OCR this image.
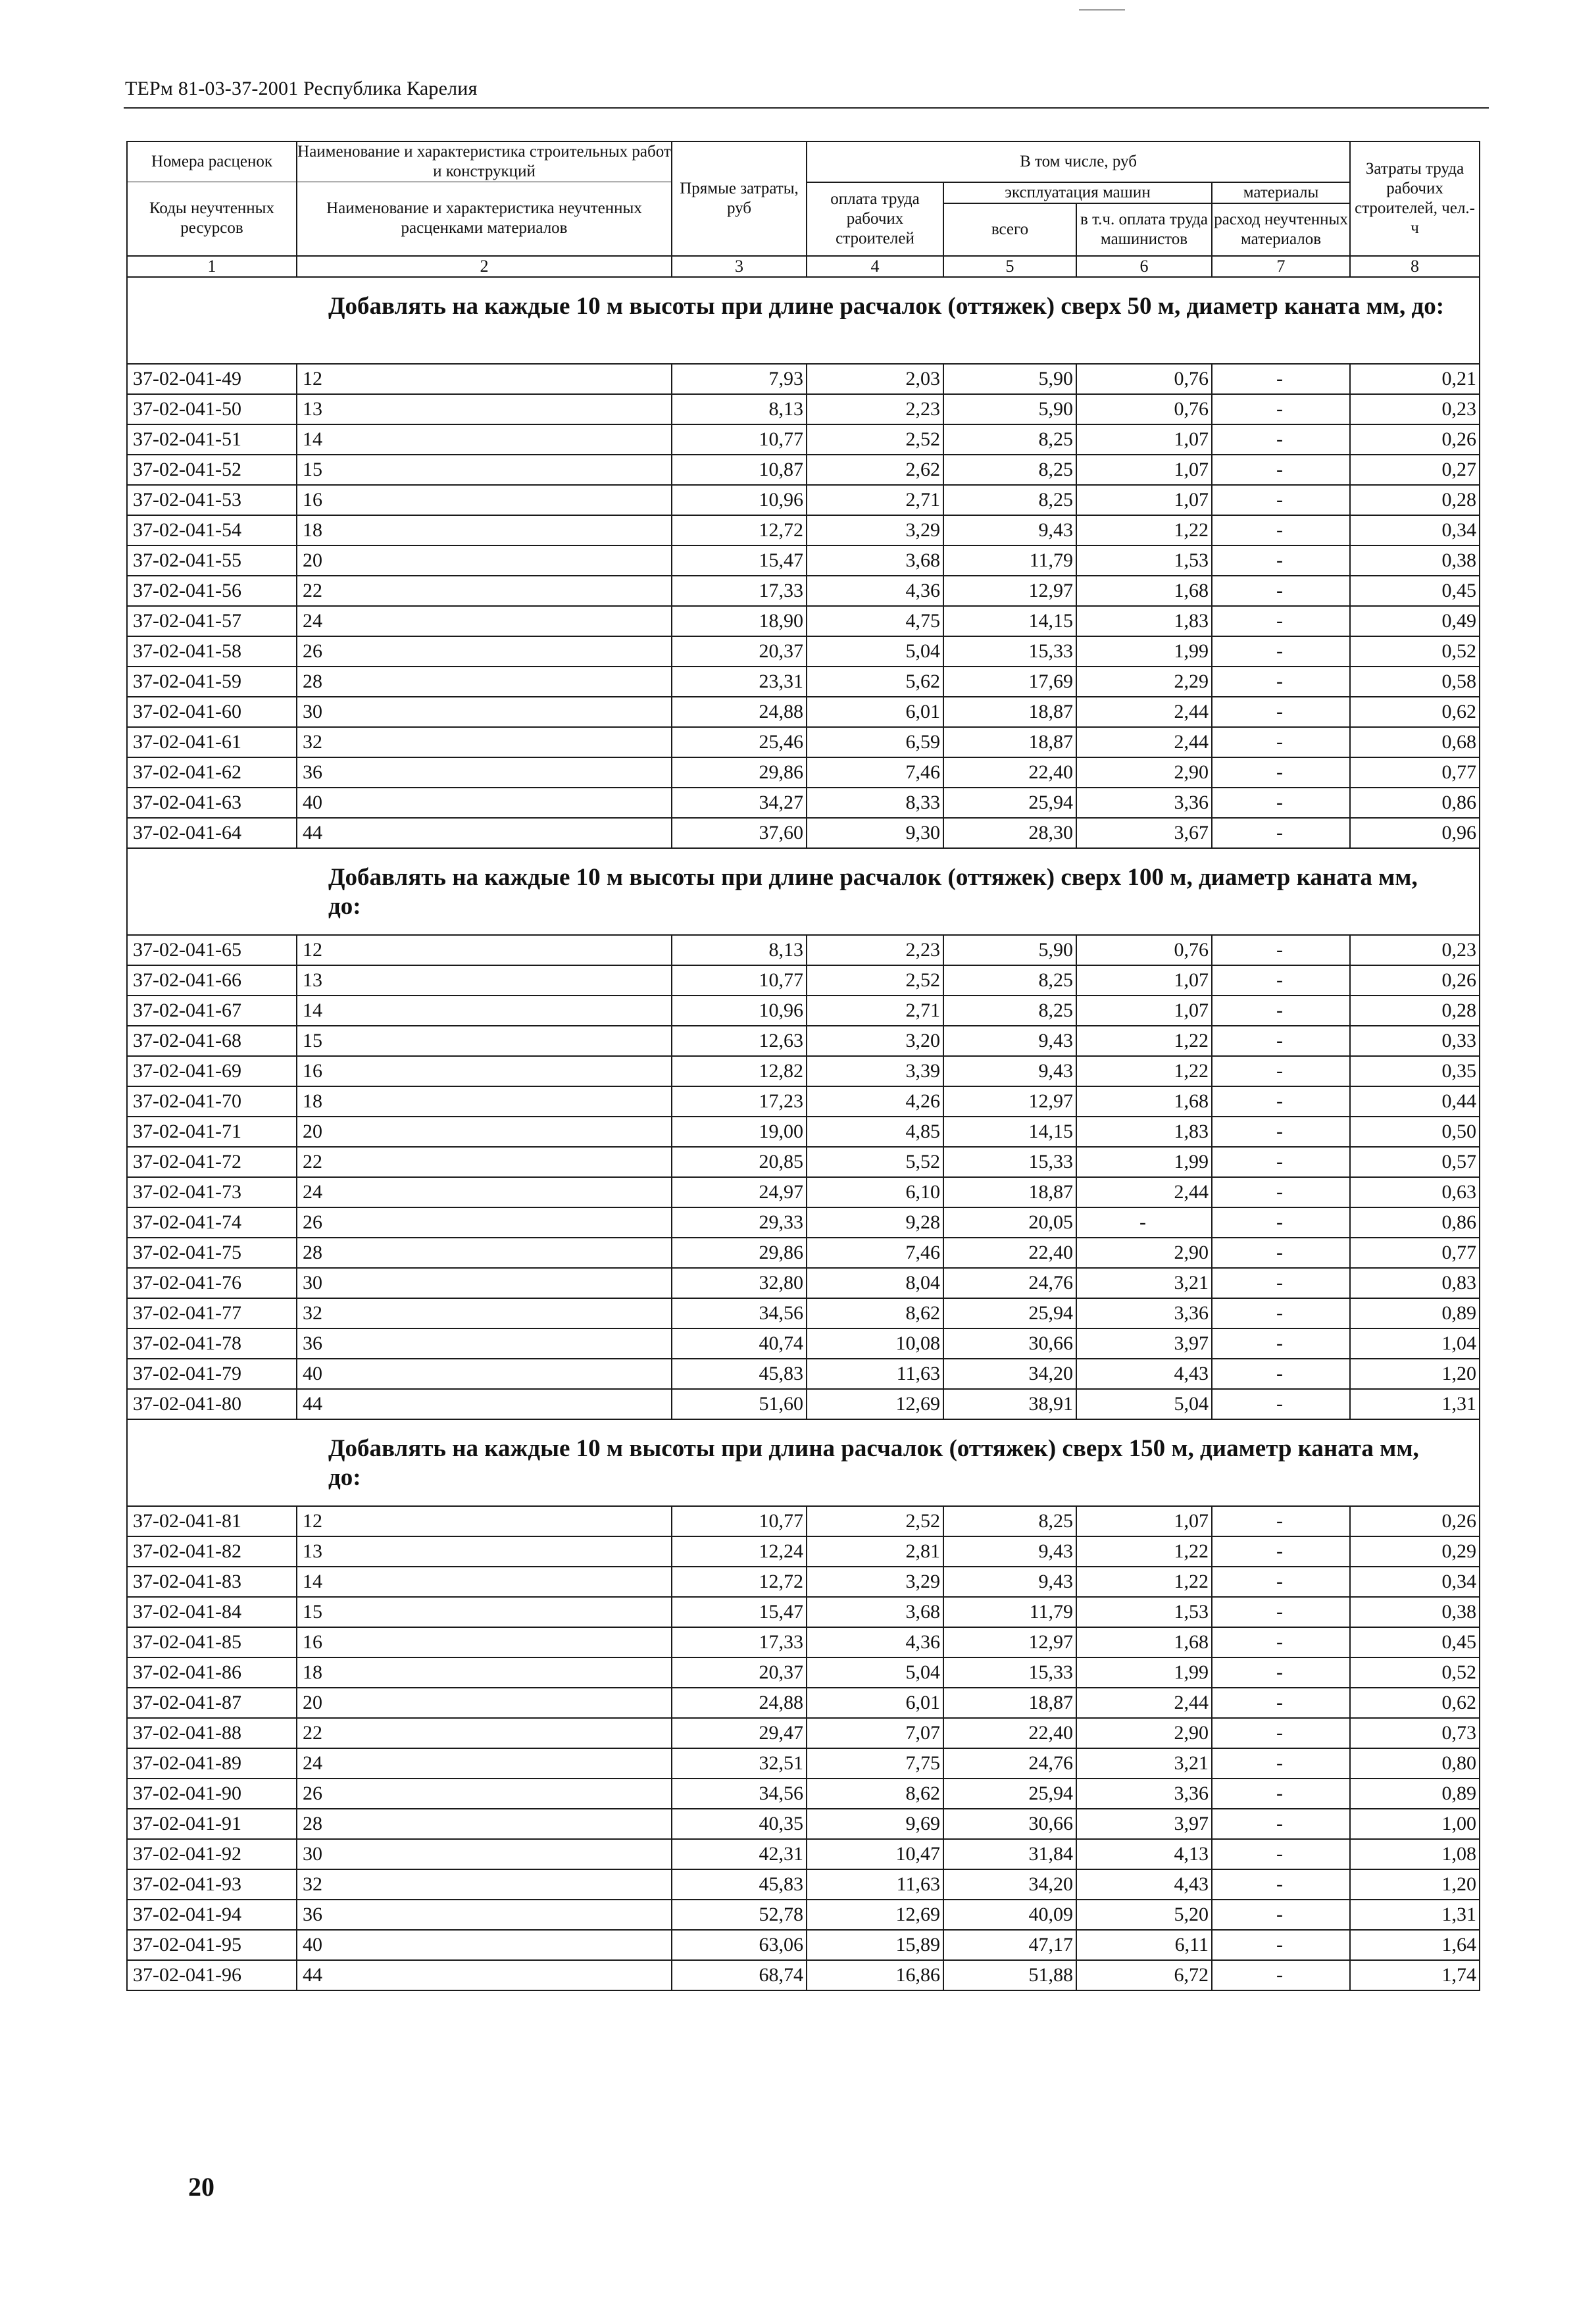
ТЕРм 81-03-37-2001 Республика Карелия
Номера расценок	Наименование и характеристика строительных работ и конструкций	Прямые затраты, руб	В том числе, руб				Затраты труда рабочих строителей, чел.-ч
Коды неучтенных ресурсов	Наименование и характеристика неучтенных расценками материалов		оплата труда рабочих строителей	эксплуатация машин		материалы	
				всего	в т.ч. оплата труда машинистов	расход неучтенных материалов	

1	2	3	4	5	6	7	8

Добавлять на каждые 10 м высоты при длине расчалок (оттяжек) сверх 50 м, диаметр каната мм, до:							

37-02-041-49	12	7,93	2,03	5,90	0,76	-	0,21
37-02-041-50	13	8,13	2,23	5,90	0,76	-	0,23
37-02-041-51	14	10,77	2,52	8,25	1,07	-	0,26
37-02-041-52	15	10,87	2,62	8,25	1,07	-	0,27
37-02-041-53	16	10,96	2,71	8,25	1,07	-	0,28
37-02-041-54	18	12,72	3,29	9,43	1,22	-	0,34
37-02-041-55	20	15,47	3,68	11,79	1,53	-	0,38
37-02-041-56	22	17,33	4,36	12,97	1,68	-	0,45
37-02-041-57	24	18,90	4,75	14,15	1,83	-	0,49
37-02-041-58	26	20,37	5,04	15,33	1,99	-	0,52
37-02-041-59	28	23,31	5,62	17,69	2,29	-	0,58
37-02-041-60	30	24,88	6,01	18,87	2,44	-	0,62
37-02-041-61	32	25,46	6,59	18,87	2,44	-	0,68
37-02-041-62	36	29,86	7,46	22,40	2,90	-	0,77
37-02-041-63	40	34,27	8,33	25,94	3,36	-	0,86
37-02-041-64	44	37,60	9,30	28,30	3,67	-	0,96

Добавлять на каждые 10 м высоты при длине расчалок (оттяжек) сверх 100 м, диаметр каната мм, до:							

37-02-041-65	12	8,13	2,23	5,90	0,76	-	0,23
37-02-041-66	13	10,77	2,52	8,25	1,07	-	0,26
37-02-041-67	14	10,96	2,71	8,25	1,07	-	0,28
37-02-041-68	15	12,63	3,20	9,43	1,22	-	0,33
37-02-041-69	16	12,82	3,39	9,43	1,22	-	0,35
37-02-041-70	18	17,23	4,26	12,97	1,68	-	0,44
37-02-041-71	20	19,00	4,85	14,15	1,83	-	0,50
37-02-041-72	22	20,85	5,52	15,33	1,99	-	0,57
37-02-041-73	24	24,97	6,10	18,87	2,44	-	0,63
37-02-041-74	26	29,33	9,28	20,05	-	-	0,86
37-02-041-75	28	29,86	7,46	22,40	2,90	-	0,77
37-02-041-76	30	32,80	8,04	24,76	3,21	-	0,83
37-02-041-77	32	34,56	8,62	25,94	3,36	-	0,89
37-02-041-78	36	40,74	10,08	30,66	3,97	-	1,04
37-02-041-79	40	45,83	11,63	34,20	4,43	-	1,20
37-02-041-80	44	51,60	12,69	38,91	5,04	-	1,31

Добавлять на каждые 10 м высоты при длина расчалок (оттяжек) сверх 150 м, диаметр каната мм, до:							

37-02-041-81	12	10,77	2,52	8,25	1,07	-	0,26
37-02-041-82	13	12,24	2,81	9,43	1,22	-	0,29
37-02-041-83	14	12,72	3,29	9,43	1,22	-	0,34
37-02-041-84	15	15,47	3,68	11,79	1,53	-	0,38
37-02-041-85	16	17,33	4,36	12,97	1,68	-	0,45
37-02-041-86	18	20,37	5,04	15,33	1,99	-	0,52
37-02-041-87	20	24,88	6,01	18,87	2,44	-	0,62
37-02-041-88	22	29,47	7,07	22,40	2,90	-	0,73
37-02-041-89	24	32,51	7,75	24,76	3,21	-	0,80
37-02-041-90	26	34,56	8,62	25,94	3,36	-	0,89
37-02-041-91	28	40,35	9,69	30,66	3,97	-	1,00
37-02-041-92	30	42,31	10,47	31,84	4,13	-	1,08
37-02-041-93	32	45,83	11,63	34,20	4,43	-	1,20
37-02-041-94	36	52,78	12,69	40,09	5,20	-	1,31
37-02-041-95	40	63,06	15,89	47,17	6,11	-	1,64
37-02-041-96	44	68,74	16,86	51,88	6,72	-	1,74
20
